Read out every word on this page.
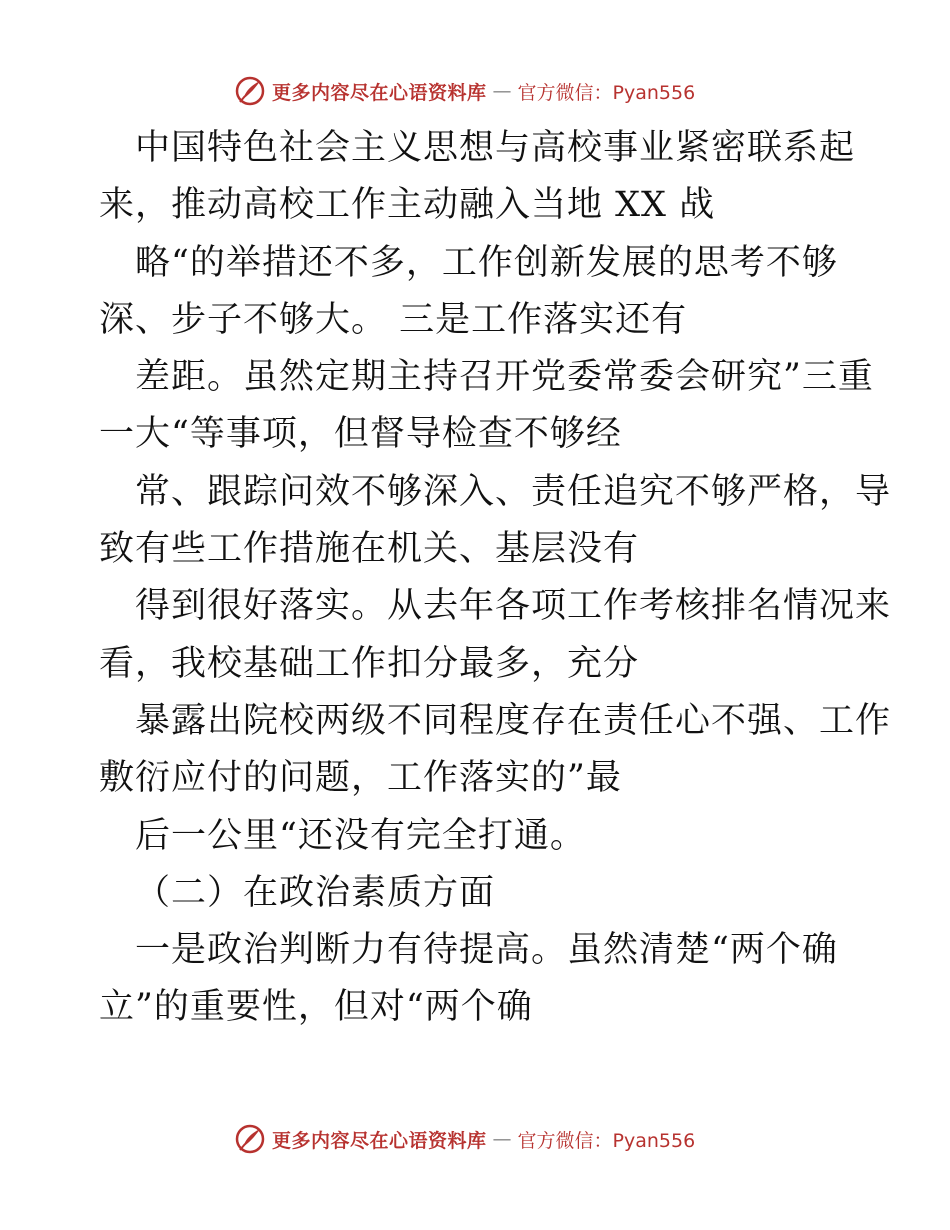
更多内容尽在心语资料库 — 官方微信：Pyan556
中国特色社会主义思想与高校事业紧密联系起
来，推动高校工作主动融入当地 XX 战
略“的举措还不多，工作创新发展的思考不够
深、步子不够大。 三是工作落实还有
差距。虽然定期主持召开党委常委会研究”三重
一大“等事项，但督导检查不够经
常、跟踪问效不够深入、责任追究不够严格，导
致有些工作措施在机关、基层没有
得到很好落实。从去年各项工作考核排名情况来
看，我校基础工作扣分最多，充分
暴露出院校两级不同程度存在责任心不强、工作
敷衍应付的问题，工作落实的”最
后一公里“还没有完全打通。
（二）在政治素质方面
一是政治判断力有待提高。虽然清楚“两个确
立”的重要性，但对“两个确
更多内容尽在心语资料库 — 官方微信：Pyan556
